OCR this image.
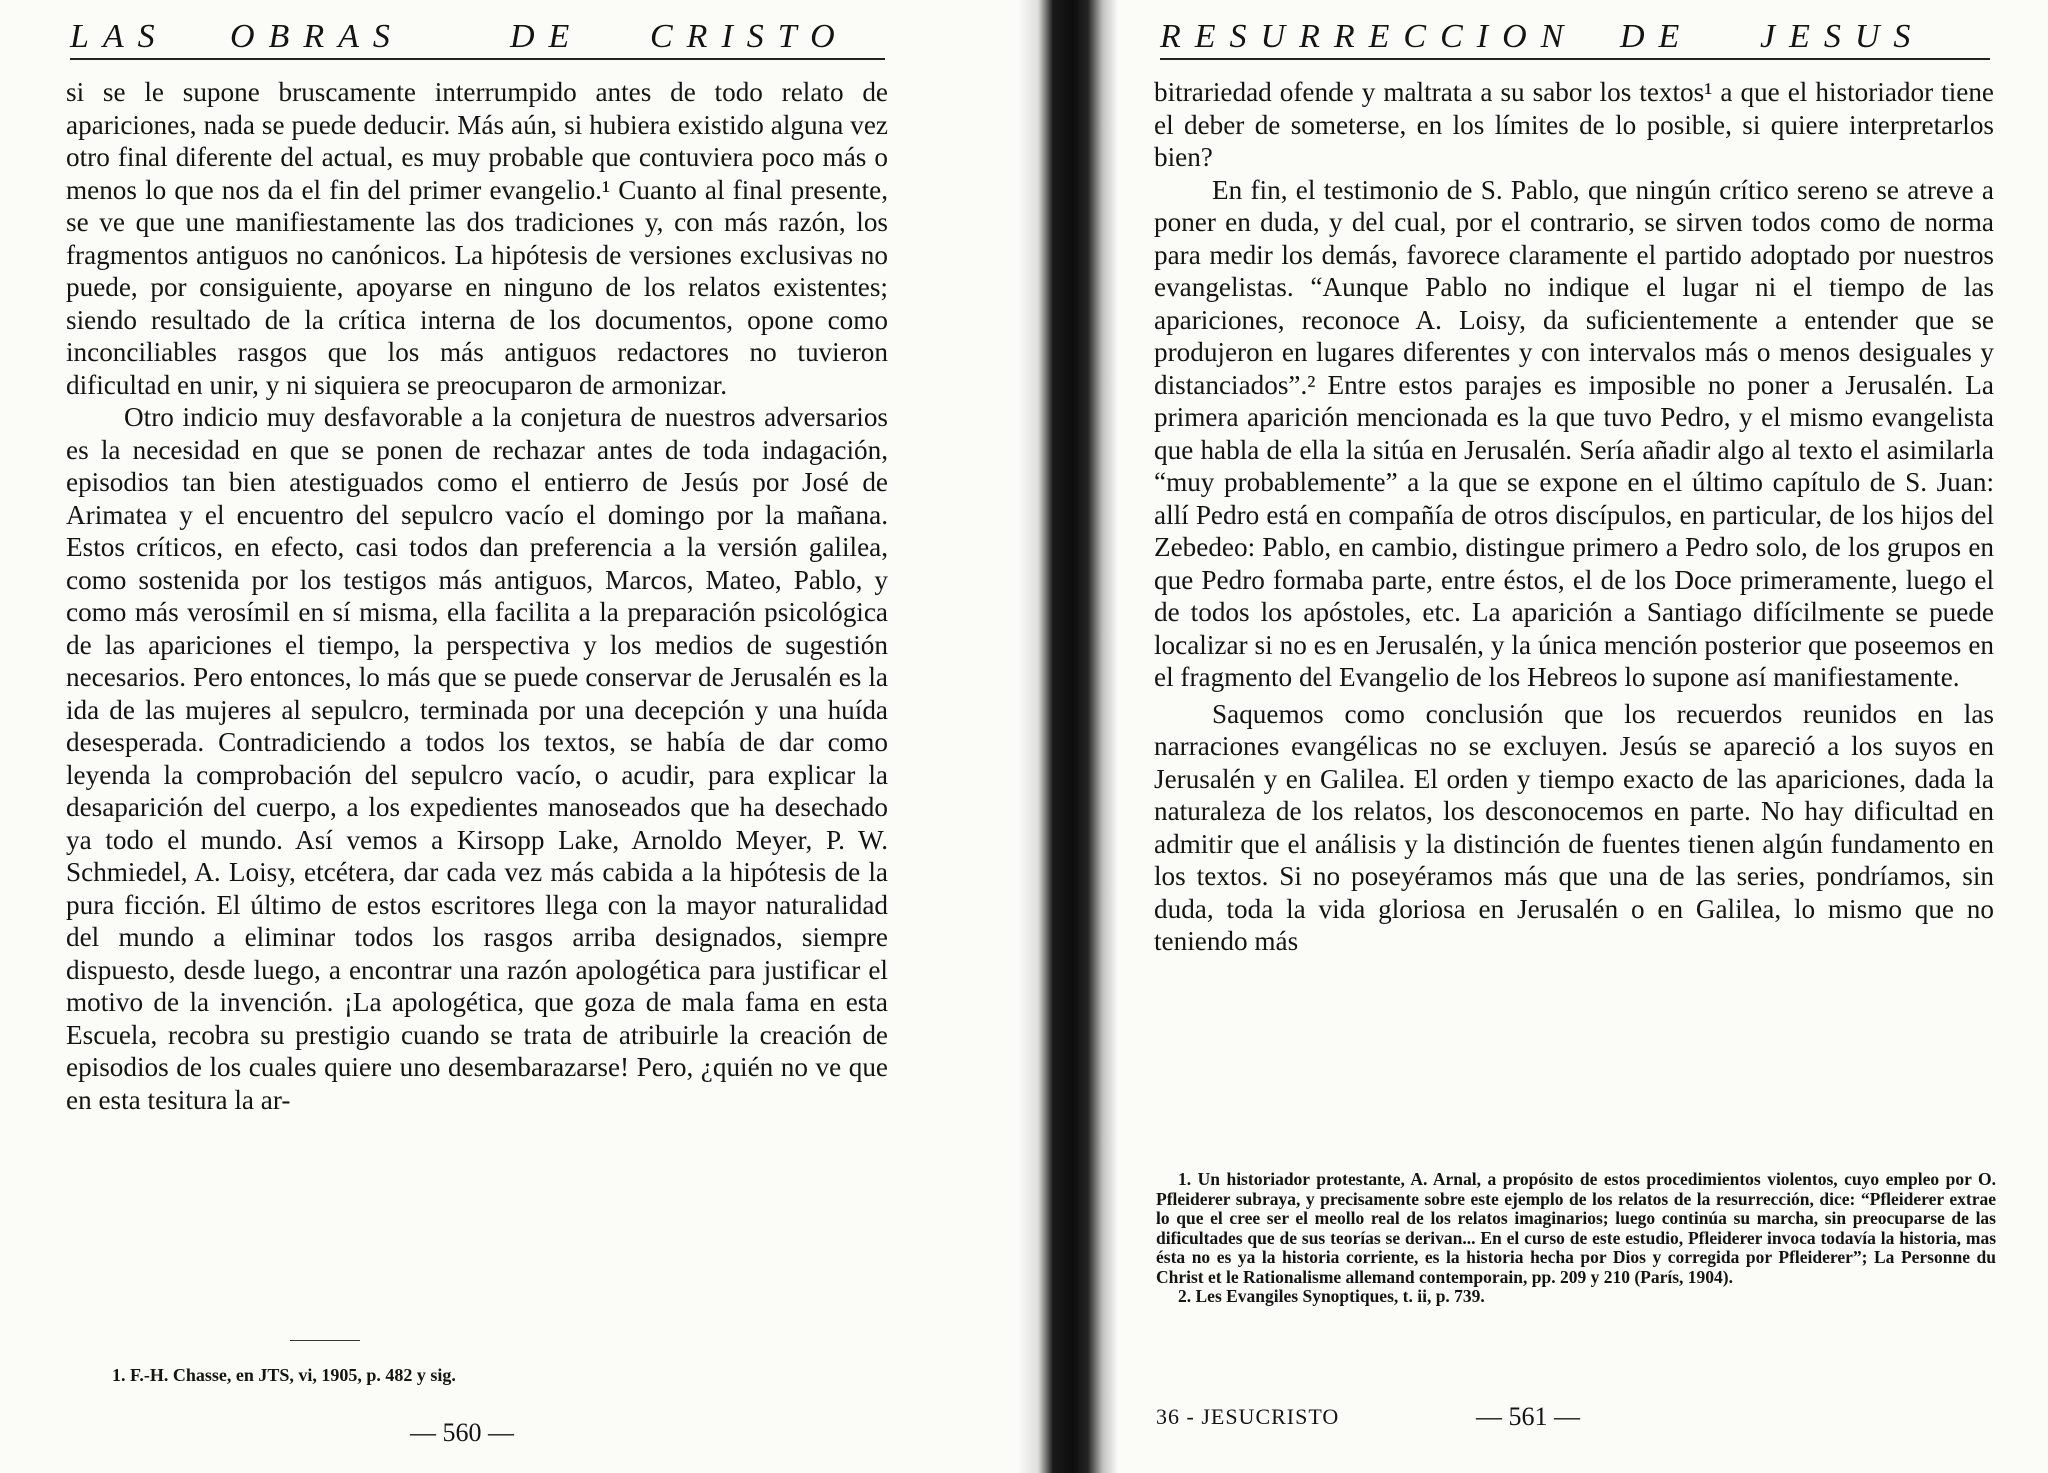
LAS OBRAS	DE CRISTO

si se le supone bruscamente interrumpido antes de todo relato de apariciones, nada se puede deducir. Más aún, si hubiera existido alguna vez otro final diferente del actual, es muy probable que contuviera poco más o menos lo que nos da el fin del primer evangelio.¹ Cuanto al final presente, se ve que une manifiestamente las dos tradiciones y, con más razón, los fragmentos antiguos no canónicos. La hipótesis de versiones exclusivas no puede, por consiguiente, apoyarse en ninguno de los relatos existentes; siendo resultado de la crítica interna de los documentos, opone como inconciliables rasgos que los más antiguos redactores no tuvieron dificultad en unir, y ni siquiera se preocuparon de armonizar.

Otro indicio muy desfavorable a la conjetura de nuestros adversarios es la necesidad en que se ponen de rechazar antes de toda indagación, episodios tan bien atestiguados como el entierro de Jesús por José de Arimatea y el encuentro del sepulcro vacío el domingo por la mañana. Estos críticos, en efecto, casi todos dan preferencia a la versión galilea, como sostenida por los testigos más antiguos, Marcos, Mateo, Pablo, y como más verosímil en sí misma, ella facilita a la preparación psicológica de las apariciones el tiempo, la perspectiva y los medios de sugestión necesarios. Pero entonces, lo más que se puede conservar de Jerusalén es la ida de las mujeres al sepulcro, terminada por una decepción y una huída desesperada. Contradiciendo a todos los textos, se había de dar como leyenda la comprobación del sepulcro vacío, o acudir, para explicar la desaparición del cuerpo, a los expedientes manoseados que ha desechado ya todo el mundo. Así vemos a Kirsopp Lake, Arnoldo Meyer, P. W. Schmiedel, A. Loisy, etcétera, dar cada vez más cabida a la hipótesis de la pura ficción. El último de estos escritores llega con la mayor naturalidad del mundo a eliminar todos los rasgos arriba designados, siempre dispuesto, desde luego, a encontrar una razón apologética para justificar el motivo de la invención. ¡La apologética, que goza de mala fama en esta Escuela, recobra su prestigio cuando se trata de atribuirle la creación de episodios de los cuales quiere uno desembarazarse! Pero, ¿quién no ve que en esta tesitura la ar-

1. F.-H. Chasse, en JTS, vi, 1905, p. 482 y sig.

— 560 —
RESURRECCION DE JESUS

bitrariedad ofende y maltrata a su sabor los textos¹ a que el historiador tiene el deber de someterse, en los límites de lo posible, si quiere interpretarlos bien?

En fin, el testimonio de S. Pablo, que ningún crítico sereno se atreve a poner en duda, y del cual, por el contrario, se sirven todos como de norma para medir los demás, favorece claramente el partido adoptado por nuestros evangelistas. “Aunque Pablo no indique el lugar ni el tiempo de las apariciones, reconoce A. Loisy, da suficientemente a entender que se produjeron en lugares diferentes y con intervalos más o menos desiguales y distanciados”.² Entre estos parajes es imposible no poner a Jerusalén. La primera aparición mencionada es la que tuvo Pedro, y el mismo evangelista que habla de ella la sitúa en Jerusalén. Sería añadir algo al texto el asimilarla “muy probablemente” a la que se expone en el último capítulo de S. Juan: allí Pedro está en compañía de otros discípulos, en particular, de los hijos del Zebedeo: Pablo, en cambio, distingue primero a Pedro solo, de los grupos en que Pedro formaba parte, entre éstos, el de los Doce primeramente, luego el de todos los apóstoles, etc. La aparición a Santiago difícilmente se puede localizar si no es en Jerusalén, y la única mención posterior que poseemos en el fragmento del Evangelio de los Hebreos lo supone así manifiestamente.

Saquemos como conclusión que los recuerdos reunidos en las narraciones evangélicas no se excluyen. Jesús se apareció a los suyos en Jerusalén y en Galilea. El orden y tiempo exacto de las apariciones, dada la naturaleza de los relatos, los desconocemos en parte. No hay dificultad en admitir que el análisis y la distinción de fuentes tienen algún fundamento en los textos. Si no poseyéramos más que una de las series, pondríamos, sin duda, toda la vida gloriosa en Jerusalén o en Galilea, lo mismo que no teniendo más

1. Un historiador protestante, A. Arnal, a propósito de estos procedimientos violentos, cuyo empleo por O. Pfleiderer subraya, y precisamente sobre este ejemplo de los relatos de la resurrección, dice: “Pfleiderer extrae lo que el cree ser el meollo real de los relatos imaginarios; luego continúa su marcha, sin preocuparse de las dificultades que de sus teorías se derivan... En el curso de este estudio, Pfleiderer invoca todavía la historia, mas ésta no es ya la historia corriente, es la historia hecha por Dios y corregida por Pfleiderer”; La Personne du Christ et le Rationalisme allemand contemporain, pp. 209 y 210 (París, 1904).

2. Les Evangiles Synoptiques, t. ii, p. 739.

36 - JESUCRISTO	— 561 —
